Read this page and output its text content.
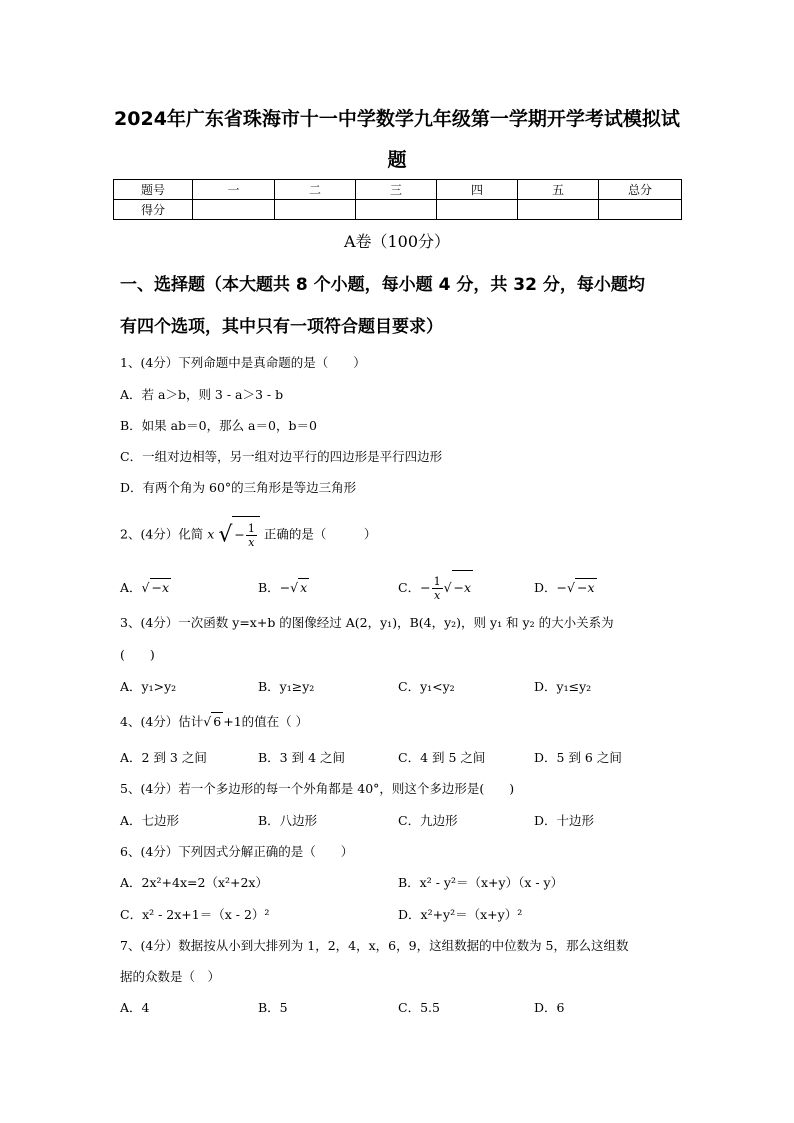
2024年广东省珠海市十一中学数学九年级第一学期开学考试模拟试
题
题号	一	二	三	四	五	总分
得分						
A卷（100分）
一、选择题（本大题共 8 个小题，每小题 4 分，共 32 分，每小题均
有四个选项，其中只有一项符合题目要求）
1、(4分）下列命题中是真命题的是（　　）
A．若 a＞b，则 3 - a＞3 - b
B．如果 ab＝0，那么 a＝0，b＝0
C．一组对边相等，另一组对边平行的四边形是平行四边形
D．有两个角为 60°的三角形是等边三角形
2、(4分）化简 x √ − $\frac{1}{x}$ 正确的是（　　　）
A．√ −x	B．−√ x	C．− $\frac{1}{x}$ √ −x	D．−√ −x
3、(4分）一次函数 y=x+b 的图像经过 A(2，y₁)，B(4，y₂)，则 y₁ 和 y₂ 的大小关系为
(　　)
A．y₁>y₂	B．y₁≥y₂	C．y₁<y₂	D．y₁≤y₂
4、(4分）估计√ 6 +1的值在（ ）
A．2 到 3 之间	B．3 到 4 之间	C．4 到 5 之间	D．5 到 6 之间
5、(4分）若一个多边形的每一个外角都是 40°，则这个多边形是(　　)
A．七边形	B．八边形	C．九边形	D．十边形
6、(4分）下列因式分解正确的是（　　）
A．2x²+4x=2（x²+2x）	B．x² - y²＝（x+y）（x - y）
C．x² - 2x+1＝（x - 2）²	D．x²+y²＝（x+y）²
7、(4分）数据按从小到大排列为 1，2，4，x，6，9，这组数据的中位数为 5，那么这组数
据的众数是（　）
A．4	B．5	C．5.5	D．6
